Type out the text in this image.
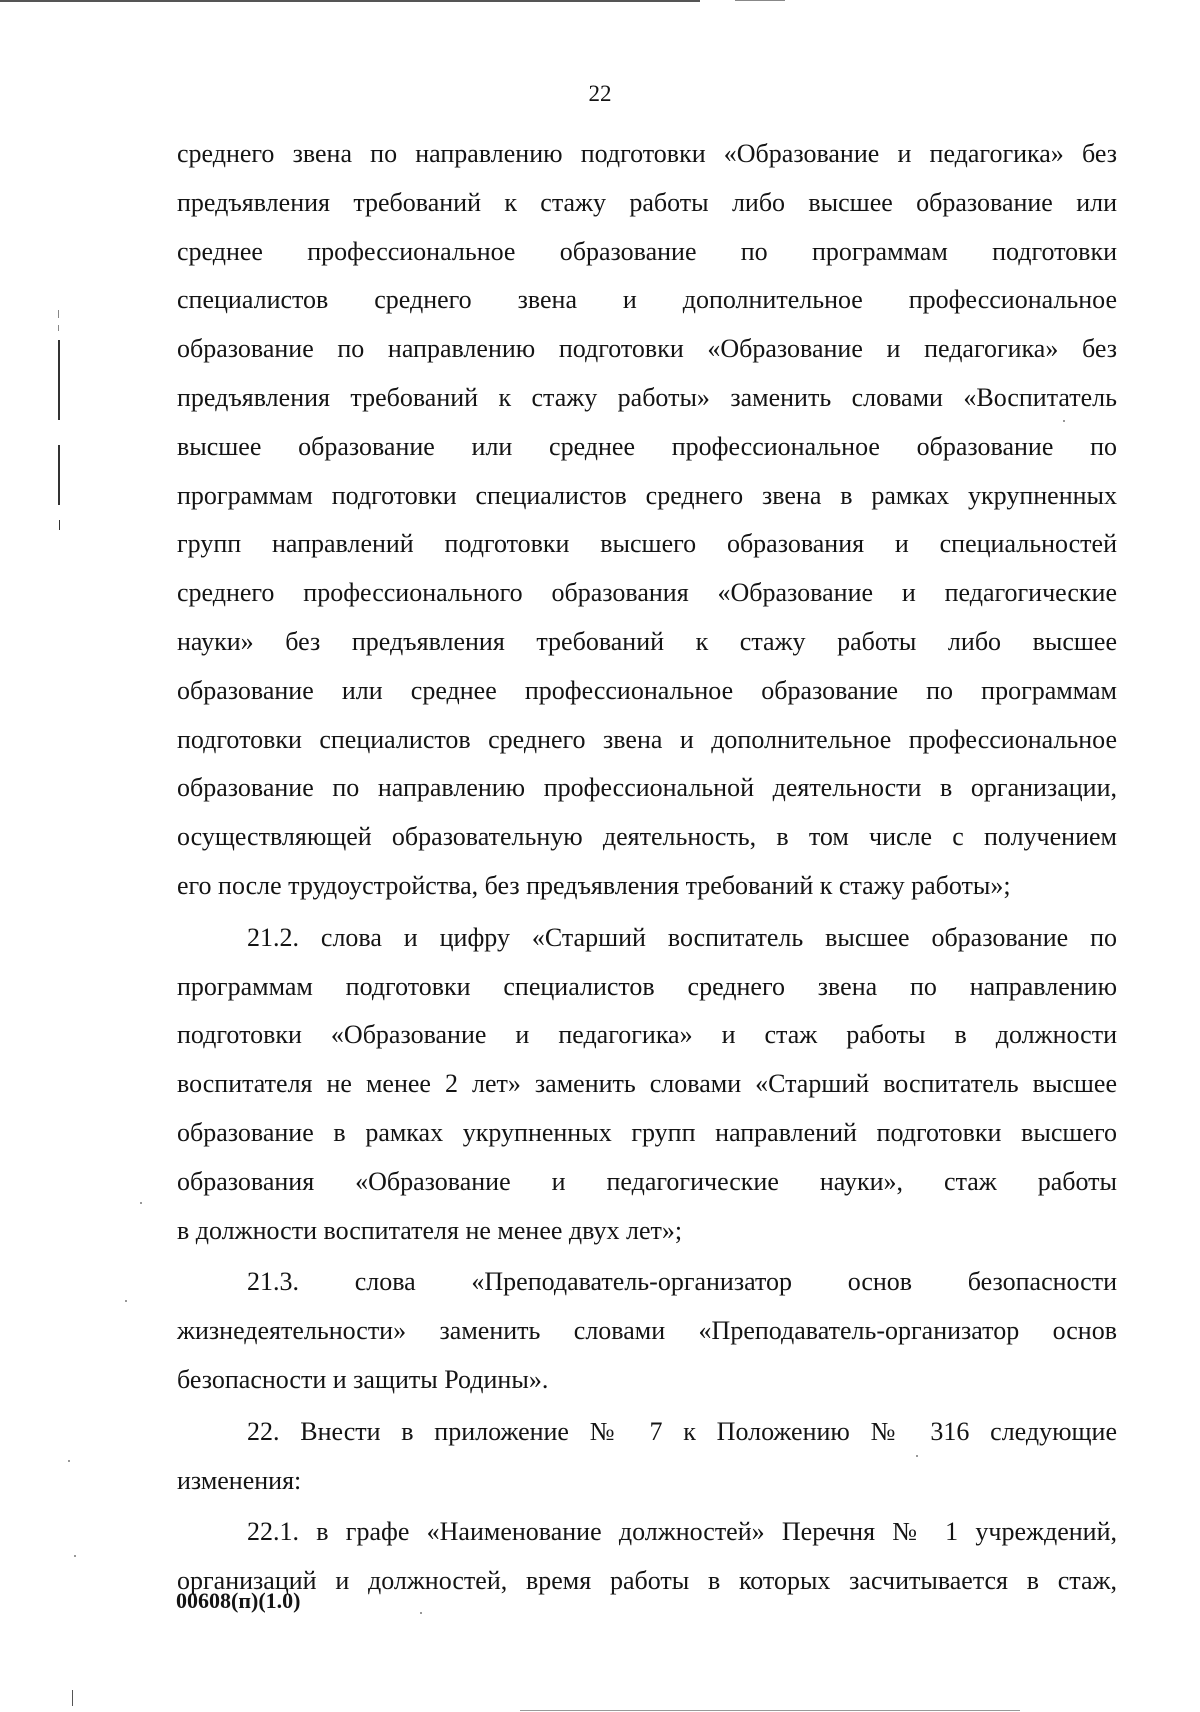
22
среднего звена по направлению подготовки «Образование и педагогика» без
предъявления требований к стажу работы либо высшее образование или
среднее профессиональное образование по программам подготовки
специалистов среднего звена и дополнительное профессиональное
образование по направлению подготовки «Образование и педагогика» без
предъявления требований к стажу работы» заменить словами «Воспитатель
высшее образование или среднее профессиональное образование по
программам подготовки специалистов среднего звена в рамках укрупненных
групп направлений подготовки высшего образования и специальностей
среднего профессионального образования «Образование и педагогические
науки» без предъявления требований к стажу работы либо высшее
образование или среднее профессиональное образование по программам
подготовки специалистов среднего звена и дополнительное профессиональное
образование по направлению профессиональной деятельности в организации,
осуществляющей образовательную деятельность, в том числе с получением
его после трудоустройства, без предъявления требований к стажу работы»;
21.2. слова и цифру «Старший воспитатель высшее образование по
программам подготовки специалистов среднего звена по направлению
подготовки «Образование и педагогика» и стаж работы в должности
воспитателя не менее 2 лет» заменить словами «Старший воспитатель высшее
образование в рамках укрупненных групп направлений подготовки высшего
образования «Образование и педагогические науки», стаж работы
в должности воспитателя не менее двух лет»;
21.3. слова «Преподаватель-организатор основ безопасности
жизнедеятельности» заменить словами «Преподаватель-организатор основ
безопасности и защиты Родины».
22. Внести в приложение № 7 к Положению № 316 следующие
изменения:
22.1. в графе «Наименование должностей» Перечня № 1 учреждений,
организаций и должностей, время работы в которых засчитывается в стаж,
00608(п)(1.0)
